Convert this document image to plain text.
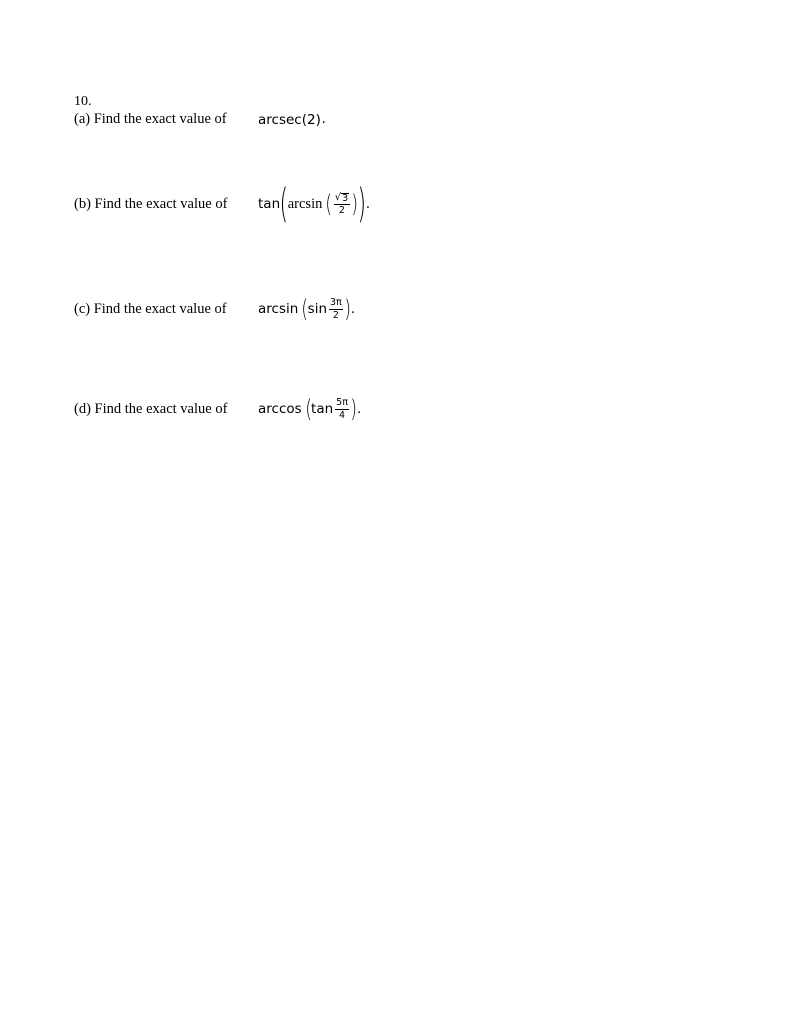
10.
(a) Find the exact value of	arcsec (2) .
(b) Find the exact value of	tan ( arcsin ( $\frac{√ 3}{2}$ )
) .
(c) Find the exact value of	arcsin ( $\sin \frac{3\pi}{2}$ ) .
(d) Find the exact value of	arccos ( $\tan \frac{5\pi}{4}$ ) .
